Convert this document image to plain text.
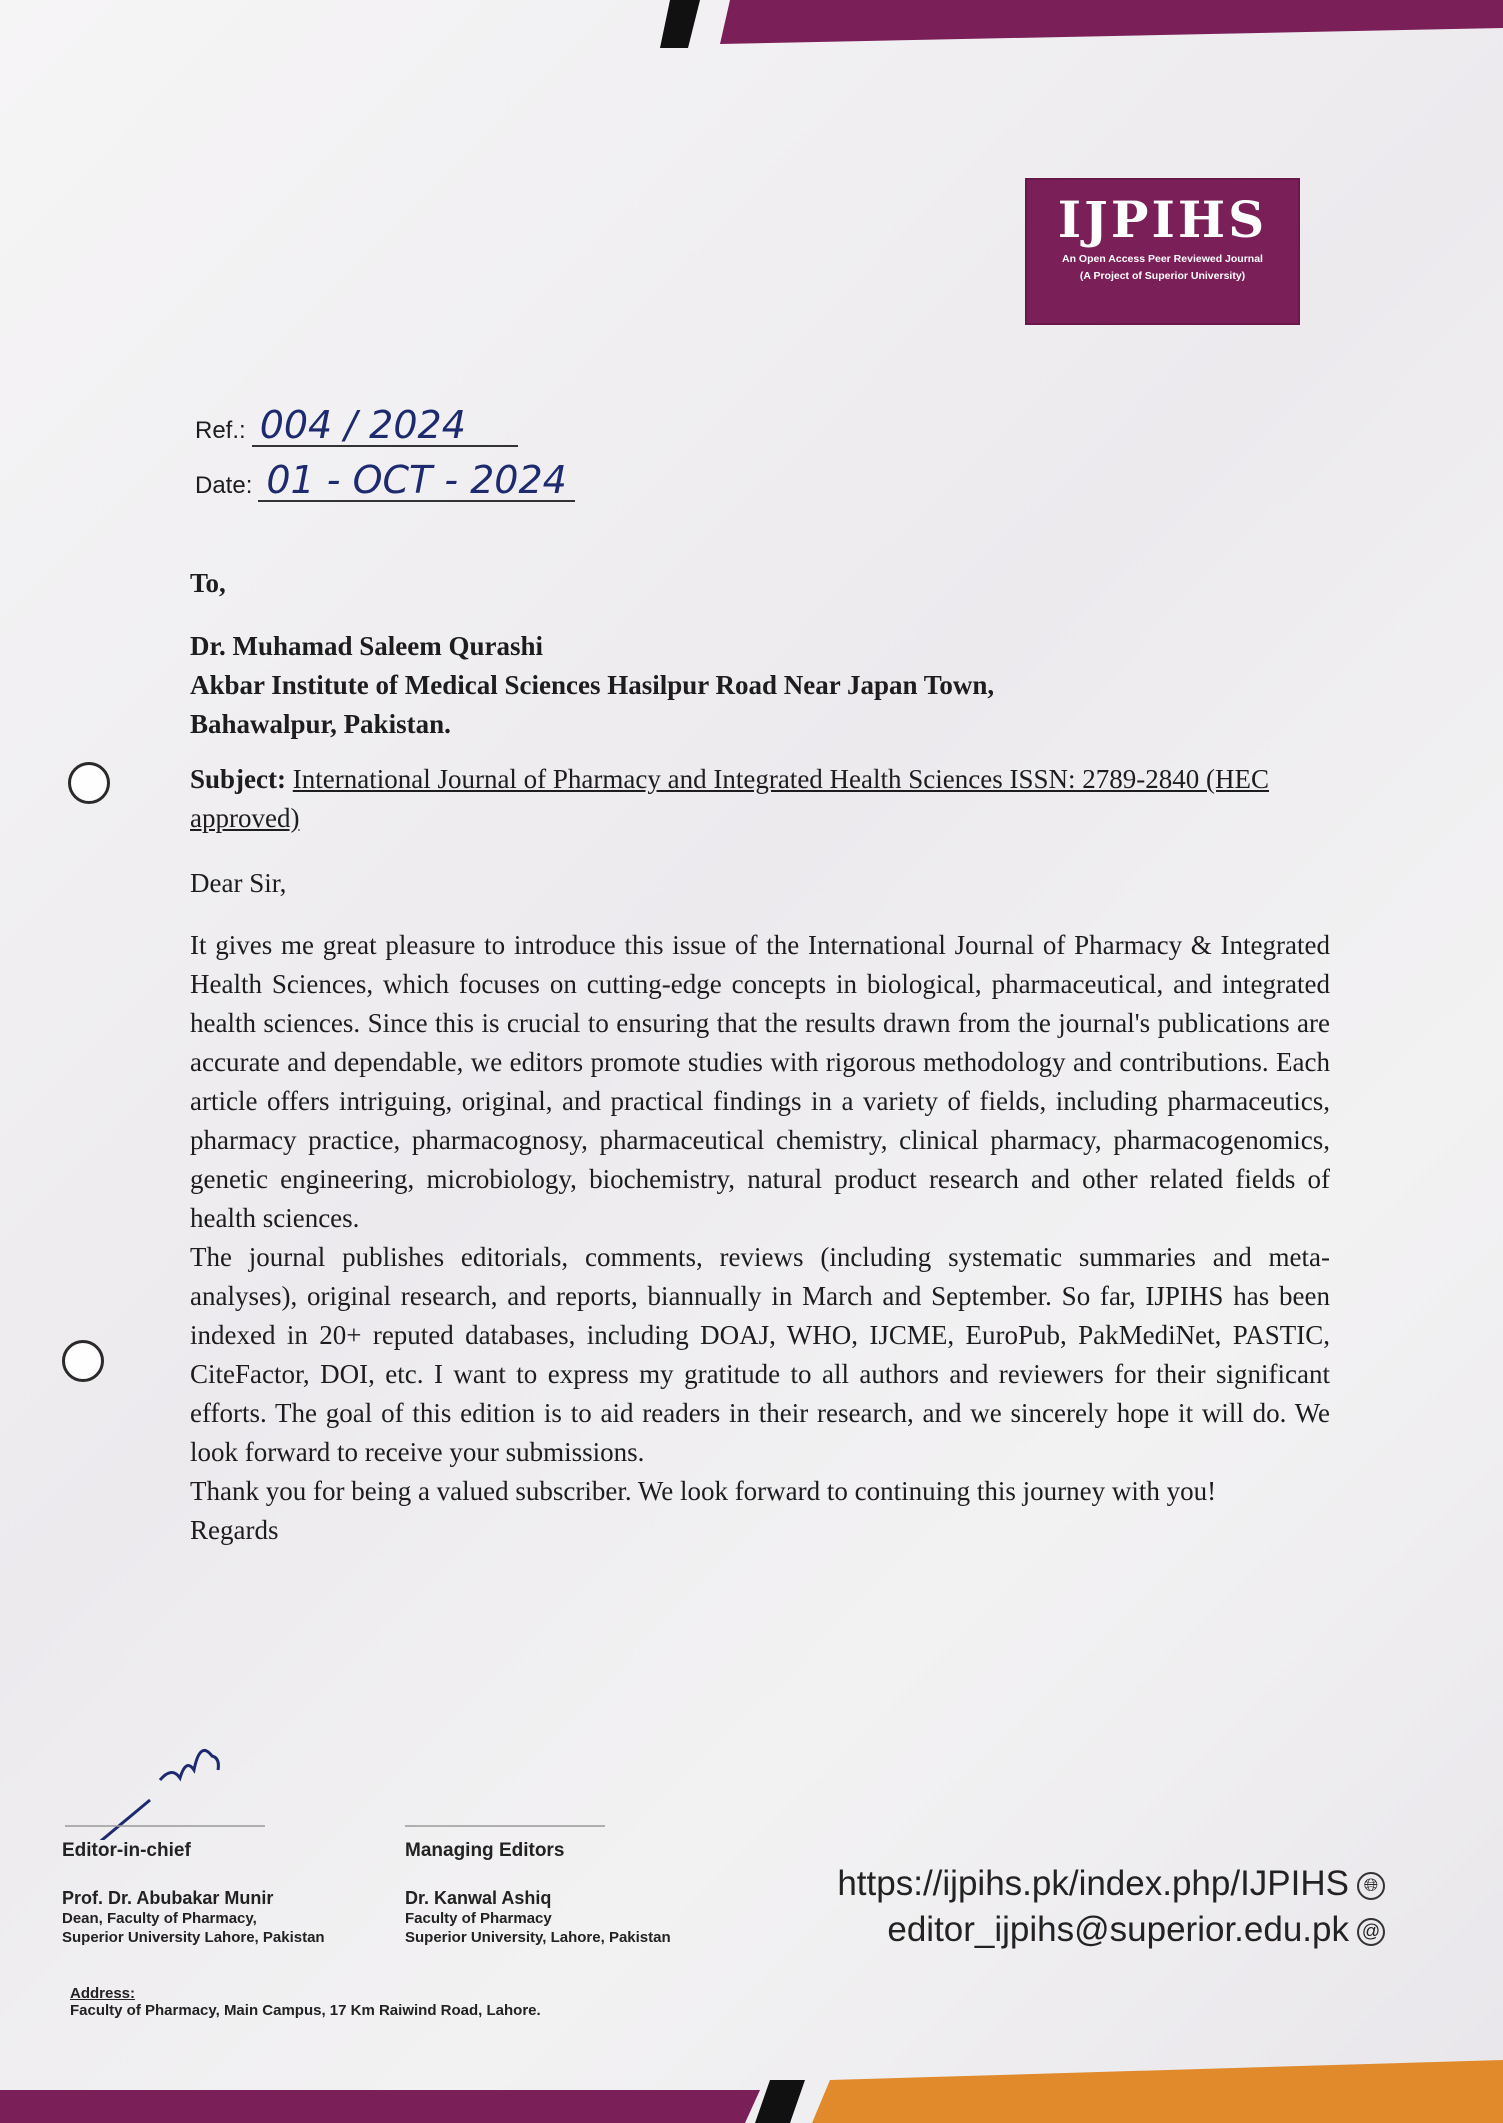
IJPIHS
An Open Access Peer Reviewed Journal
(A Project of Superior University)
Ref.: 004 / 2024
Date: 01 - OCT - 2024
To,
Dr. Muhamad Saleem Qurashi
Akbar Institute of Medical Sciences Hasilpur Road Near Japan Town,
Bahawalpur, Pakistan.
Subject: International Journal of Pharmacy and Integrated Health Sciences ISSN: 2789-2840 (HEC approved)
Dear Sir,
It gives me great pleasure to introduce this issue of the International Journal of Pharmacy & Integrated Health Sciences, which focuses on cutting-edge concepts in biological, pharmaceutical, and integrated health sciences. Since this is crucial to ensuring that the results drawn from the journal's publications are accurate and dependable, we editors promote studies with rigorous methodology and contributions. Each article offers intriguing, original, and practical findings in a variety of fields, including pharmaceutics, pharmacy practice, pharmacognosy, pharmaceutical chemistry, clinical pharmacy, pharmacogenomics, genetic engineering, microbiology, biochemistry, natural product research and other related fields of health sciences.
The journal publishes editorials, comments, reviews (including systematic summaries and meta-analyses), original research, and reports, biannually in March and September. So far, IJPIHS has been indexed in 20+ reputed databases, including DOAJ, WHO, IJCME, EuroPub, PakMediNet, PASTIC, CiteFactor, DOI, etc. I want to express my gratitude to all authors and reviewers for their significant efforts. The goal of this edition is to aid readers in their research, and we sincerely hope it will do. We look forward to receive your submissions.
Thank you for being a valued subscriber. We look forward to continuing this journey with you!
Regards
Editor-in-chief
Prof. Dr. Abubakar Munir
Dean, Faculty of Pharmacy,
Superior University Lahore, Pakistan
Managing Editors
Dr. Kanwal Ashiq
Faculty of Pharmacy
Superior University, Lahore, Pakistan
https://ijpihs.pk/index.php/IJPIHS 🌐︎
editor_ijpihs@superior.edu.pk @
Address:
Faculty of Pharmacy, Main Campus, 17 Km Raiwind Road, Lahore.
